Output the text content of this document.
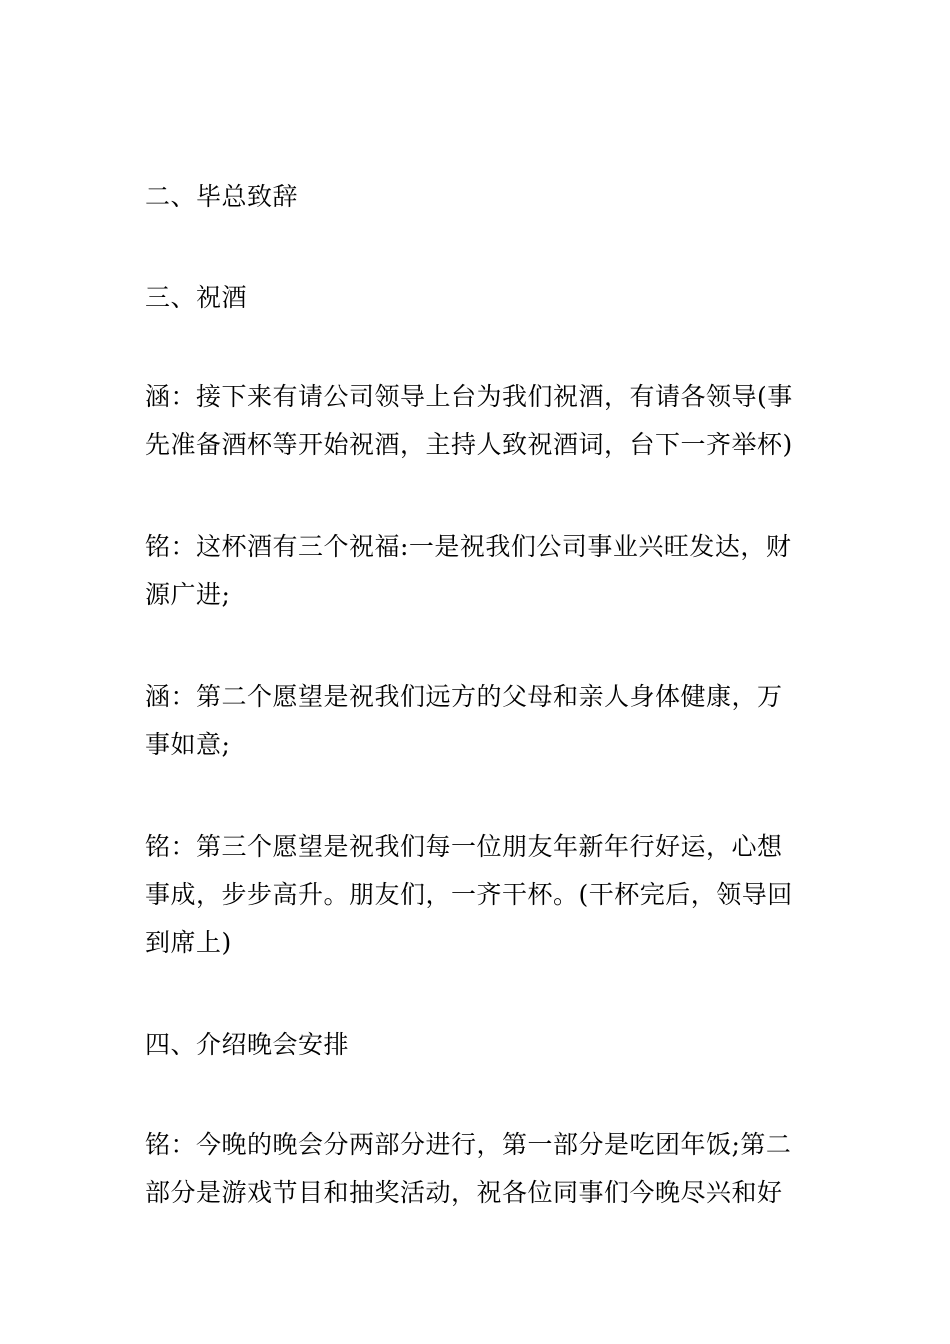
二、毕总致辞

三、祝酒

涵：接下来有请公司领导上台为我们祝酒，有请各领导(事
先准备酒杯等开始祝酒，主持人致祝酒词，台下一齐举杯)

铭：这杯酒有三个祝福:一是祝我们公司事业兴旺发达，财
源广进;

涵：第二个愿望是祝我们远方的父母和亲人身体健康，万
事如意;

铭：第三个愿望是祝我们每一位朋友年新年行好运，心想
事成，步步高升。朋友们，一齐干杯。(干杯完后，领导回
到席上)

四、介绍晚会安排

铭：今晚的晚会分两部分进行，第一部分是吃团年饭;第二
部分是游戏节目和抽奖活动，祝各位同事们今晚尽兴和好
